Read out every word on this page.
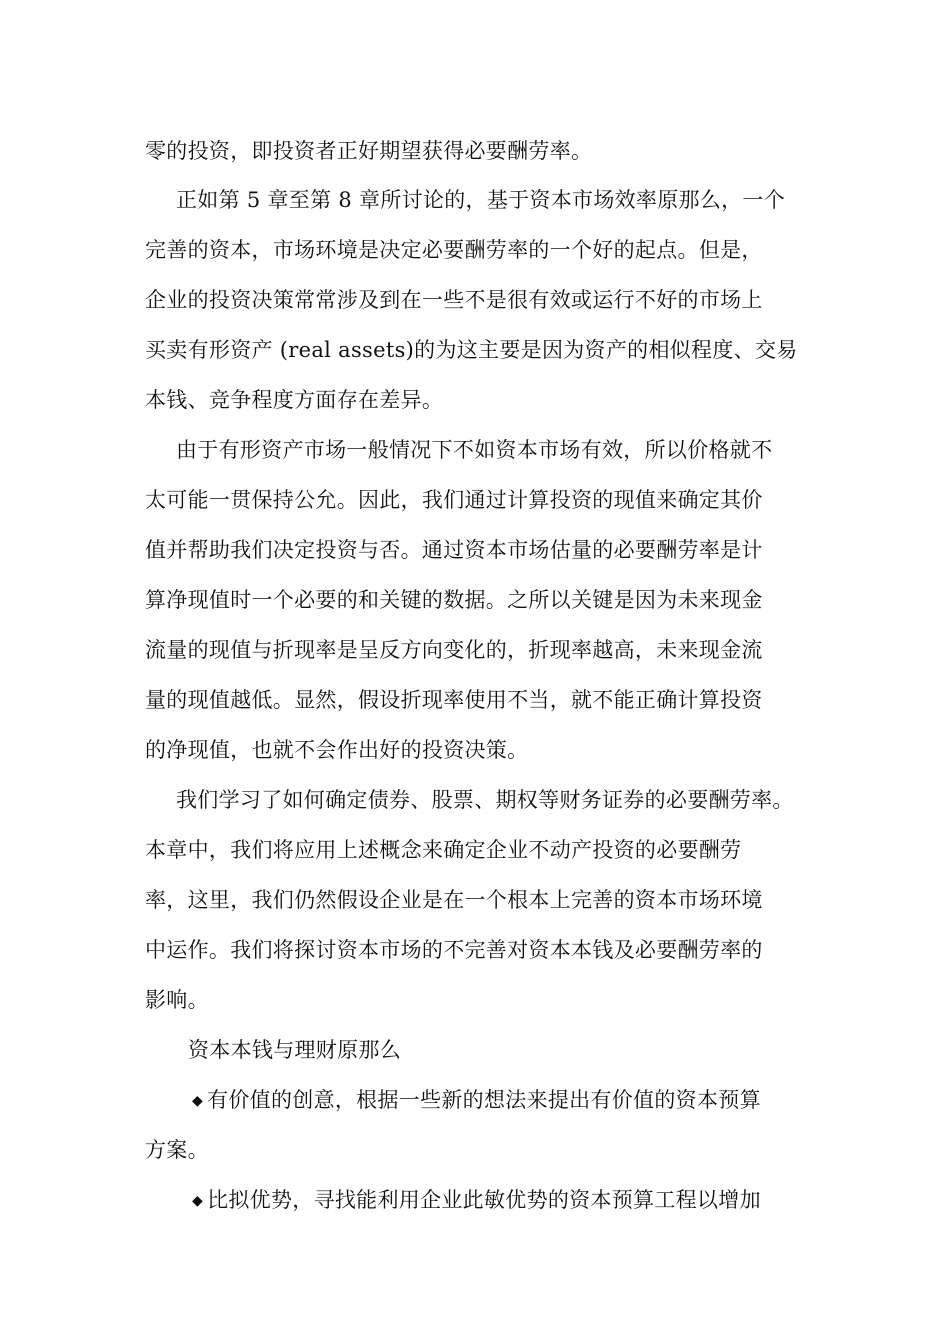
零的投资，即投资者正好期望获得必要酬劳率。
正如第 5 章至第 8 章所讨论的，基于资本市场效率原那么，一个
完善的资本，市场环境是决定必要酬劳率的一个好的起点。但是，
企业的投资决策常常涉及到在一些不是很有效或运行不好的市场上
买卖有形资产 (real assets)的为这主要是因为资产的相似程度、交易
本钱、竞争程度方面存在差异。
由于有形资产市场一般情况下不如资本市场有效，所以价格就不
太可能一贯保持公允。因此，我们通过计算投资的现值来确定其价
值并帮助我们决定投资与否。通过资本市场估量的必要酬劳率是计
算净现值时一个必要的和关键的数据。之所以关键是因为未来现金
流量的现值与折现率是呈反方向变化的，折现率越高，未来现金流
量的现值越低。显然，假设折现率使用不当，就不能正确计算投资
的净现值，也就不会作出好的投资决策。
我们学习了如何确定债券、股票、期权等财务证券的必要酬劳率。
本章中，我们将应用上述概念来确定企业不动产投资的必要酬劳
率，这里，我们仍然假设企业是在一个根本上完善的资本市场环境
中运作。我们将探讨资本市场的不完善对资本本钱及必要酬劳率的
影响。
资本本钱与理财原那么
◆ 有价值的创意，根据一些新的想法来提出有价值的资本预算
方案。
◆ 比拟优势，寻找能利用企业此敏优势的资本预算工程以增加
